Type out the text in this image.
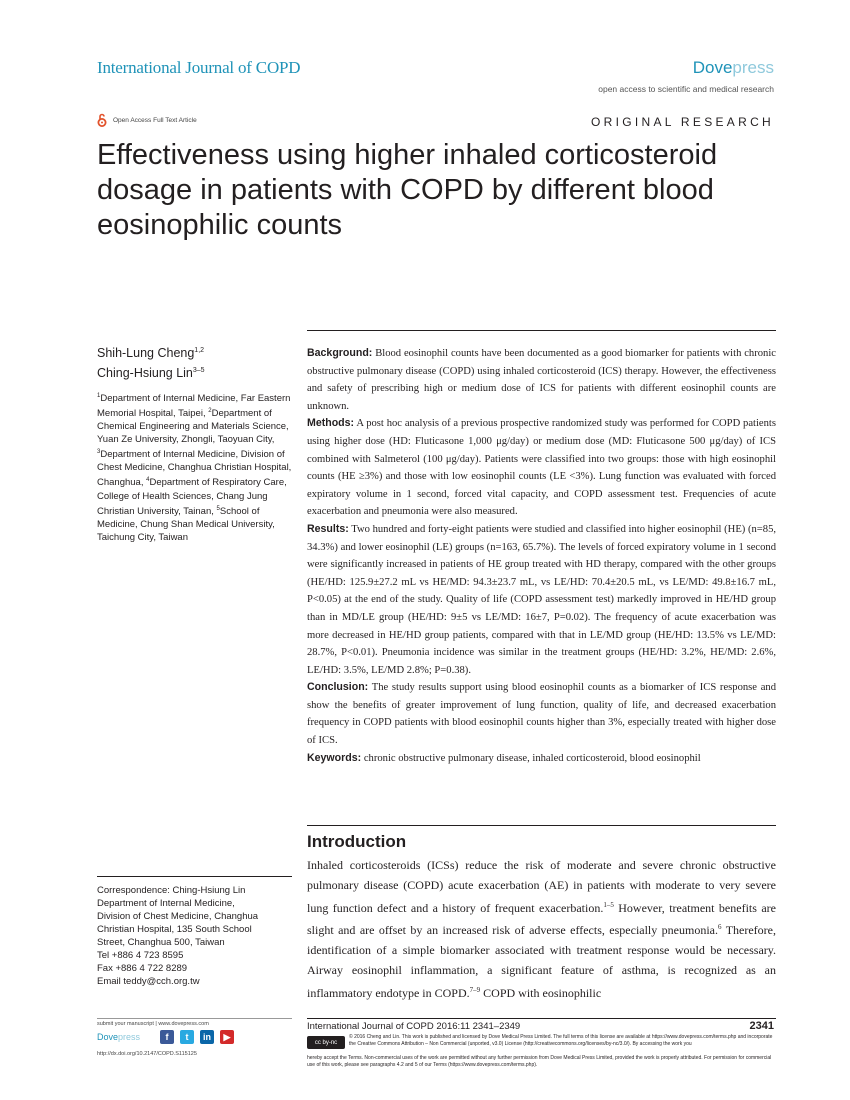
International Journal of COPD	Dovepress
open access to scientific and medical research
Open Access Full Text Article	ORIGINAL RESEARCH
Effectiveness using higher inhaled corticosteroid dosage in patients with COPD by different blood eosinophilic counts
Shih-Lung Cheng$^{1,2}$
Ching-Hsiung Lin$^{3-5}$
$^1$Department of Internal Medicine, Far Eastern Memorial Hospital, Taipei, $^2$Department of Chemical Engineering and Materials Science, Yuan Ze University, Zhongli, Taoyuan City, $^3$Department of Internal Medicine, Division of Chest Medicine, Changhua Christian Hospital, Changhua, $^4$Department of Respiratory Care, College of Health Sciences, Chang Jung Christian University, Tainan, $^5$School of Medicine, Chung Shan Medical University, Taichung City, Taiwan

Background: Blood eosinophil counts have been documented as a good biomarker for patients with chronic obstructive pulmonary disease (COPD) using inhaled corticosteroid (ICS) therapy. However, the effectiveness and safety of prescribing high or medium dose of ICS for patients with different eosinophil counts are unknown.

Methods: A post hoc analysis of a previous prospective randomized study was performed for COPD patients using higher dose (HD: Fluticasone 1,000 μg/day) or medium dose (MD: Fluticasone 500 μg/day) of ICS combined with Salmeterol (100 μg/day). Patients were classified into two groups: those with high eosinophil counts (HE ≥3%) and those with low eosinophil counts (LE <3%). Lung function was evaluated with forced expiratory volume in 1 second, forced vital capacity, and COPD assessment test. Frequencies of acute exacerbation and pneumonia were also measured.

Results: Two hundred and forty-eight patients were studied and classified into higher eosinophil (HE) (n=85, 34.3%) and lower eosinophil (LE) groups (n=163, 65.7%). The levels of forced expiratory volume in 1 second were significantly increased in patients of HE group treated with HD therapy, compared with the other groups (HE/HD: 125.9±27.2 mL vs HE/MD: 94.3±23.7 mL, vs LE/HD: 70.4±20.5 mL, vs LE/MD: 49.8±16.7 mL, P<0.05) at the end of the study. Quality of life (COPD assessment test) markedly improved in HE/HD group than in MD/LE group (HE/HD: 9±5 vs LE/MD: 16±7, P=0.02). The frequency of acute exacerbation was more decreased in HE/HD group patients, compared with that in LE/MD group (HE/HD: 13.5% vs LE/MD: 28.7%, P<0.01). Pneumonia incidence was similar in the treatment groups (HE/HD: 3.2%, HE/MD: 2.6%, LE/HD: 3.5%, LE/MD 2.8%; P=0.38).

Conclusion: The study results support using blood eosinophil counts as a biomarker of ICS response and show the benefits of greater improvement of lung function, quality of life, and decreased exacerbation frequency in COPD patients with blood eosinophil counts higher than 3%, especially treated with higher dose of ICS.

Keywords: chronic obstructive pulmonary disease, inhaled corticosteroid, blood eosinophil

Introduction
Inhaled corticosteroids (ICSs) reduce the risk of moderate and severe chronic obstructive pulmonary disease (COPD) acute exacerbation (AE) in patients with moderate to very severe lung function defect and a history of frequent exacerbation.$^{1-5}$ However, treatment benefits are slight and are offset by an increased risk of adverse effects, especially pneumonia.$^6$ Therefore, identification of a simple biomarker associated with treatment response would be necessary. Airway eosinophil inflammation, a significant feature of asthma, is recognized as an inflammatory endotype in COPD.$^{7-9}$ COPD with eosinophilic
Correspondence: Ching-Hsiung Lin
Department of Internal Medicine,
Division of Chest Medicine, Changhua
Christian Hospital, 135 South School
Street, Changhua 500, Taiwan
Tel +886 4 723 8595
Fax +886 4 722 8289
Email teddy@cch.org.tw
submit your manuscript | www.dovepress.com
Dovepress	f	t	in	▶
http://dx.doi.org/10.2147/COPD.S115125
International Journal of COPD 2016:11 2341–2349	2341
cc by-nc
© 2016 Cheng and Lin. This work is published and licensed by Dove Medical Press Limited. The full terms of this license are available at https://www.dovepress.com/terms.php and incorporate the Creative Commons Attribution – Non Commercial (unported, v3.0) License (http://creativecommons.org/licenses/by-nc/3.0/). By accessing the work you
hereby accept the Terms. Non-commercial uses of the work are permitted without any further permission from Dove Medical Press Limited, provided the work is properly attributed. For permission for commercial use of this work, please see paragraphs 4.2 and 5 of our Terms (https://www.dovepress.com/terms.php).
